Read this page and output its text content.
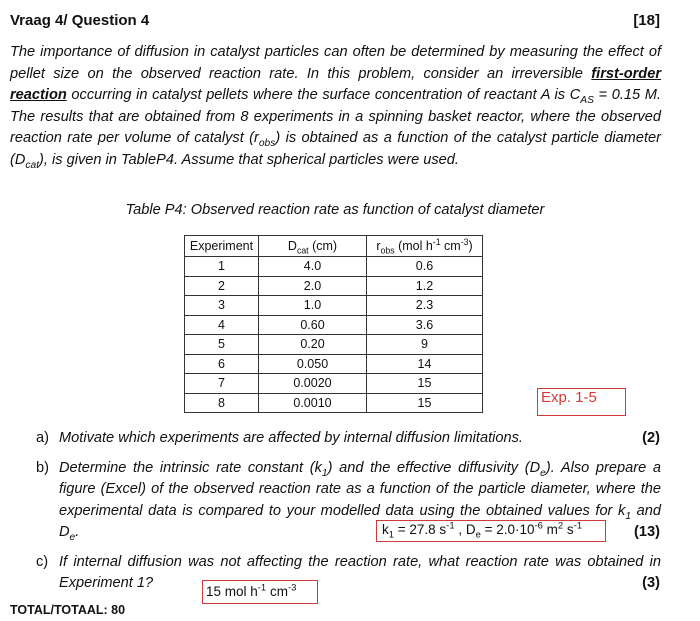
Vraag 4/ Question 4	[18]
The importance of diffusion in catalyst particles can often be determined by measuring the effect of pellet size on the observed reaction rate. In this problem, consider an irreversible first-order reaction occurring in catalyst pellets where the surface concentration of reactant A is $C_{AS} = 0.15$ M. The results that are obtained from 8 experiments in a spinning basket reactor, where the observed reaction rate per volume of catalyst $(r_{obs})$ is obtained as a function of the catalyst particle diameter $(D_{cat})$, is given in TableP4. Assume that spherical particles were used.
Table P4: Observed reaction rate as function of catalyst diameter
Experiment	$D_{cat}$ (cm)	$r_{obs}$ (mol $h^{-1}$ $cm^{-3}$)
1	4.0	0.6
2	2.0	1.2
3	1.0	2.3
4	0.60	3.6
5	0.20	9
6	0.050	14
7	0.0020	15
8	0.0010	15	Exp. 1-5
a) Motivate which experiments are affected by internal diffusion limitations.	(2)
b) Determine the intrinsic rate constant $(k_1)$ and the effective diffusivity $(D_e)$. Also prepare a figure (Excel) of the observed reaction rate as a function of the particle diameter, where the experimental data is compared to your modelled data using the obtained values for $k_1$ and $D_e$.	(13)
$k_1 = 27.8$ $s^{-1}$ , $D_e = 2.0\cdot 10^{-6}$ $m^2$ $s^{-1}$
c) If internal diffusion was not affecting the reaction rate, what reaction rate was obtained in Experiment 1?	(3)
15 mol $h^{-1}$ $cm^{-3}$
TOTAL/TOTAAL: 80
